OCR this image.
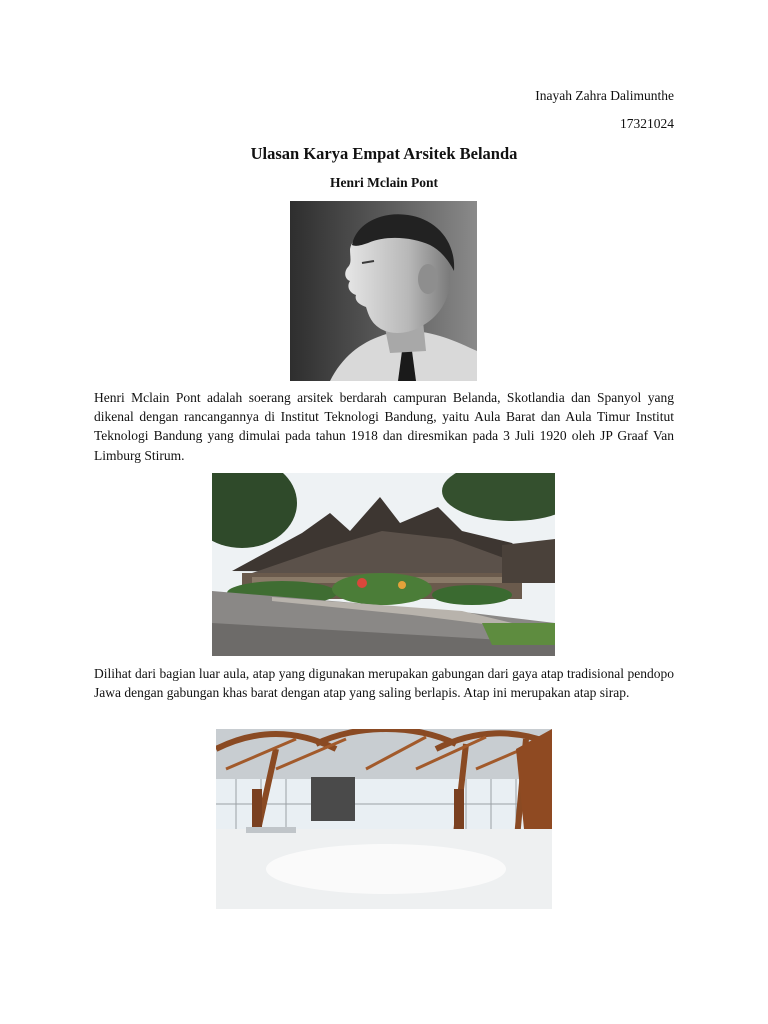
Inayah Zahra Dalimunthe
17321024
Ulasan Karya Empat Arsitek Belanda
Henri Mclain Pont

Henri Mclain Pont adalah soerang arsitek berdarah campuran Belanda, Skotlandia dan Spanyol yang dikenal dengan rancangannya di Institut Teknologi Bandung, yaitu Aula Barat dan Aula Timur Institut Teknologi Bandung yang dimulai pada tahun 1918 dan diresmikan pada 3 Juli 1920 oleh JP Graaf Van Limburg Stirum.

Dilihat dari bagian luar aula, atap yang digunakan merupakan gabungan dari gaya atap tradisional pendopo Jawa dengan gabungan khas barat dengan atap yang saling berlapis. Atap ini merupakan atap sirap.
